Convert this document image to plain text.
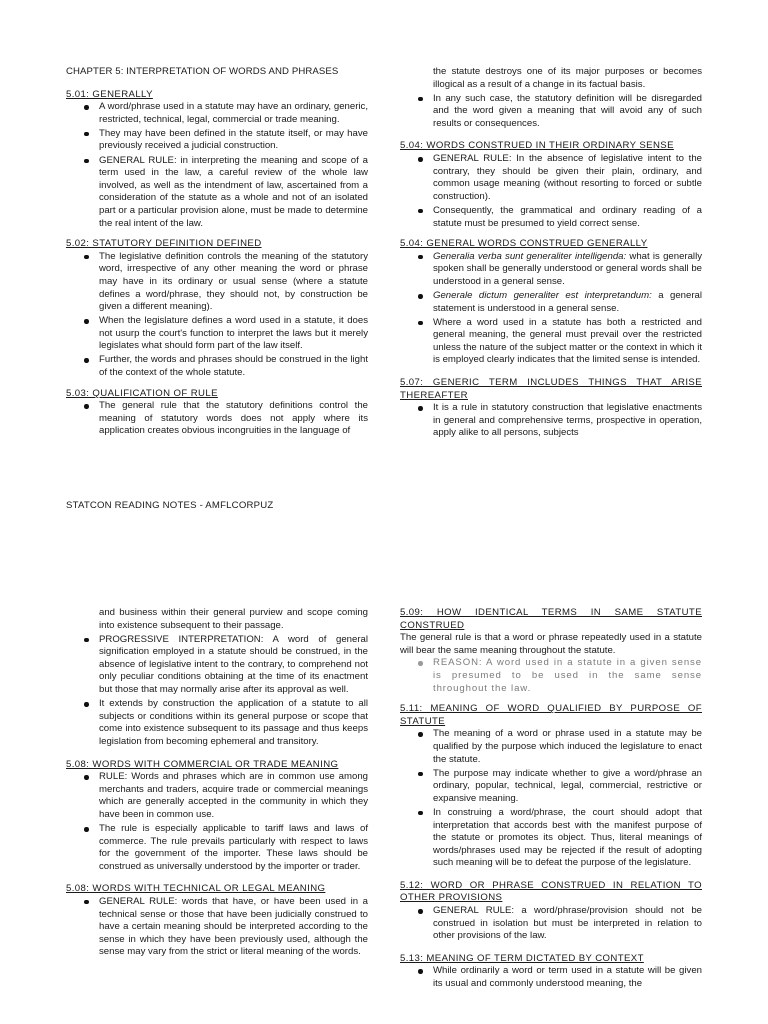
CHAPTER 5: INTERPRETATION OF WORDS AND PHRASES
5.01: GENERALLY
A word/phrase used in a statute may have an ordinary, generic, restricted, technical, legal, commercial or trade meaning.
They may have been defined in the statute itself, or may have previously received a judicial construction.
GENERAL RULE: in interpreting the meaning and scope of a term used in the law, a careful review of the whole law involved, as well as the intendment of law, ascertained from a consideration of the statute as a whole and not of an isolated part or a particular provision alone, must be made to determine the real intent of the law.
5.02: STATUTORY DEFINITION DEFINED
The legislative definition controls the meaning of the statutory word, irrespective of any other meaning the word or phrase may have in its ordinary or usual sense (where a statute defines a word/phrase, they should not, by construction be given a different meaning).
When the legislature defines a word used in a statute, it does not usurp the court's function to interpret the laws but it merely legislates what should form part of the law itself.
Further, the words and phrases should be construed in the light of the context of the whole statute.
5.03: QUALIFICATION OF RULE
The general rule that the statutory definitions control the meaning of statutory words does not apply where its application creates obvious incongruities in the language of
the statute destroys one of its major purposes or becomes illogical as a result of a change in its factual basis.
In any such case, the statutory definition will be disregarded and the word given a meaning that will avoid any of such results or consequences.
5.04: WORDS CONSTRUED IN THEIR ORDINARY SENSE
GENERAL RULE: In the absence of legislative intent to the contrary, they should be given their plain, ordinary, and common usage meaning (without resorting to forced or subtle construction).
Consequently, the grammatical and ordinary reading of a statute must be presumed to yield correct sense.
5.04: GENERAL WORDS CONSTRUED GENERALLY
Generalia verba sunt generaliter intelligenda: what is generally spoken shall be generally understood or general words shall be understood in a general sense.
Generale dictum generaliter est interpretandum: a general statement is understood in a general sense.
Where a word used in a statute has both a restricted and general meaning, the general must prevail over the restricted unless the nature of the subject matter or the context in which it is employed clearly indicates that the limited sense is intended.
5.07: GENERIC TERM INCLUDES THINGS THAT ARISE THEREAFTER
It is a rule in statutory construction that legislative enactments in general and comprehensive terms, prospective in operation, apply alike to all persons, subjects
STATCON READING NOTES - AMFLCORPUZ
and business within their general purview and scope coming into existence subsequent to their passage.
PROGRESSIVE INTERPRETATION: A word of general signification employed in a statute should be construed, in the absence of legislative intent to the contrary, to comprehend not only peculiar conditions obtaining at the time of its enactment but those that may normally arise after its approval as well.
It extends by construction the application of a statute to all subjects or conditions within its general purpose or scope that come into existence subsequent to its passage and thus keeps legislation from becoming ephemeral and transitory.
5.08: WORDS WITH COMMERCIAL OR TRADE MEANING
RULE: Words and phrases which are in common use among merchants and traders, acquire trade or commercial meanings which are generally accepted in the community in which they have been in common use.
The rule is especially applicable to tariff laws and laws of commerce. The rule prevails particularly with respect to laws for the government of the importer. These laws should be construed as universally understood by the importer or trader.
5.08: WORDS WITH TECHNICAL OR LEGAL MEANING
GENERAL RULE: words that have, or have been used in a technical sense or those that have been judicially construed to have a certain meaning should be interpreted according to the sense in which they have been previously used, although the sense may vary from the strict or literal meaning of the words.
5.09: HOW IDENTICAL TERMS IN SAME STATUTE CONSTRUED

The general rule is that a word or phrase repeatedly used in a statute will bear the same meaning throughout the statute.

REASON: A word used in a statute in a given sense is presumed to be used in the same sense throughout the law.
5.11: MEANING OF WORD QUALIFIED BY PURPOSE OF STATUTE
The meaning of a word or phrase used in a statute may be qualified by the purpose which induced the legislature to enact the statute.
The purpose may indicate whether to give a word/phrase an ordinary, popular, technical, legal, commercial, restrictive or expansive meaning.
In construing a word/phrase, the court should adopt that interpretation that accords best with the manifest purpose of the statute or promotes its object. Thus, literal meanings of words/phrases used may be rejected if the result of adopting such meaning will be to defeat the purpose of the legislature.
5.12: WORD OR PHRASE CONSTRUED IN RELATION TO OTHER PROVISIONS
GENERAL RULE: a word/phrase/provision should not be construed in isolation but must be interpreted in relation to other provisions of the law.
5.13: MEANING OF TERM DICTATED BY CONTEXT
While ordinarily a word or term used in a statute will be given its usual and commonly understood meaning, the
